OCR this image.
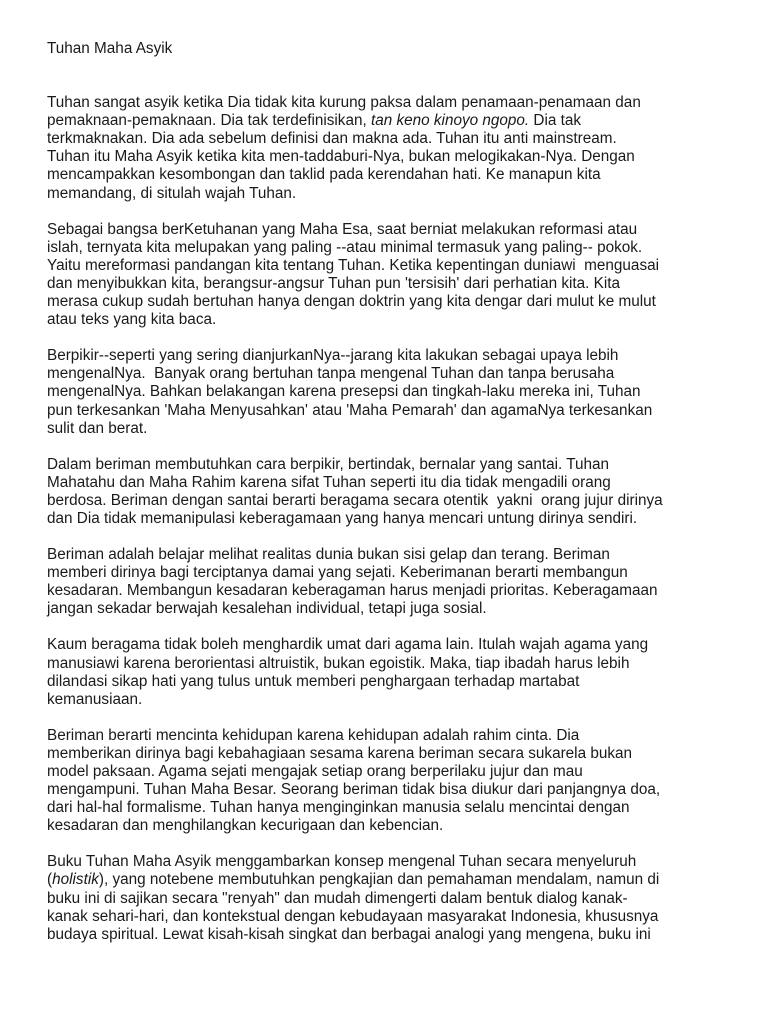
Tuhan Maha Asyik
Tuhan sangat asyik ketika Dia tidak kita kurung paksa dalam penamaan-penamaan dan
pemaknaan-pemaknaan. Dia tak terdefinisikan, tan keno kinoyo ngopo. Dia tak
terkmaknakan. Dia ada sebelum definisi dan makna ada. Tuhan itu anti mainstream.
Tuhan itu Maha Asyik ketika kita men-taddaburi-Nya, bukan melogikakan-Nya. Dengan
mencampakkan kesombongan dan taklid pada kerendahan hati. Ke manapun kita
memandang, di situlah wajah Tuhan.
Sebagai bangsa berKetuhanan yang Maha Esa, saat berniat melakukan reformasi atau
islah, ternyata kita melupakan yang paling --atau minimal termasuk yang paling-- pokok.
Yaitu mereformasi pandangan kita tentang Tuhan. Ketika kepentingan duniawi  menguasai
dan menyibukkan kita, berangsur-angsur Tuhan pun 'tersisih' dari perhatian kita. Kita
merasa cukup sudah bertuhan hanya dengan doktrin yang kita dengar dari mulut ke mulut
atau teks yang kita baca.
Berpikir--seperti yang sering dianjurkanNya--jarang kita lakukan sebagai upaya lebih
mengenalNya.  Banyak orang bertuhan tanpa mengenal Tuhan dan tanpa berusaha
mengenalNya. Bahkan belakangan karena presepsi dan tingkah-laku mereka ini, Tuhan
pun terkesankan 'Maha Menyusahkan' atau 'Maha Pemarah' dan agamaNya terkesankan
sulit dan berat.
Dalam beriman membutuhkan cara berpikir, bertindak, bernalar yang santai. Tuhan
Mahatahu dan Maha Rahim karena sifat Tuhan seperti itu dia tidak mengadili orang
berdosa. Beriman dengan santai berarti beragama secara otentik  yakni  orang jujur dirinya
dan Dia tidak memanipulasi keberagamaan yang hanya mencari untung dirinya sendiri.
Beriman adalah belajar melihat realitas dunia bukan sisi gelap dan terang. Beriman
memberi dirinya bagi terciptanya damai yang sejati. Keberimanan berarti membangun
kesadaran. Membangun kesadaran keberagaman harus menjadi prioritas. Keberagamaan
jangan sekadar berwajah kesalehan individual, tetapi juga sosial.
Kaum beragama tidak boleh menghardik umat dari agama lain. Itulah wajah agama yang
manusiawi karena berorientasi altruistik, bukan egoistik. Maka, tiap ibadah harus lebih
dilandasi sikap hati yang tulus untuk memberi penghargaan terhadap martabat
kemanusiaan.
Beriman berarti mencinta kehidupan karena kehidupan adalah rahim cinta. Dia
memberikan dirinya bagi kebahagiaan sesama karena beriman secara sukarela bukan
model paksaan. Agama sejati mengajak setiap orang berperilaku jujur dan mau
mengampuni. Tuhan Maha Besar. Seorang beriman tidak bisa diukur dari panjangnya doa,
dari hal-hal formalisme. Tuhan hanya menginginkan manusia selalu mencintai dengan
kesadaran dan menghilangkan kecurigaan dan kebencian.
Buku Tuhan Maha Asyik menggambarkan konsep mengenal Tuhan secara menyeluruh
(holistik), yang notebene membutuhkan pengkajian dan pemahaman mendalam, namun di
buku ini di sajikan secara "renyah" dan mudah dimengerti dalam bentuk dialog kanak-
kanak sehari-hari, dan kontekstual dengan kebudayaan masyarakat Indonesia, khususnya
budaya spiritual. Lewat kisah-kisah singkat dan berbagai analogi yang mengena, buku ini
